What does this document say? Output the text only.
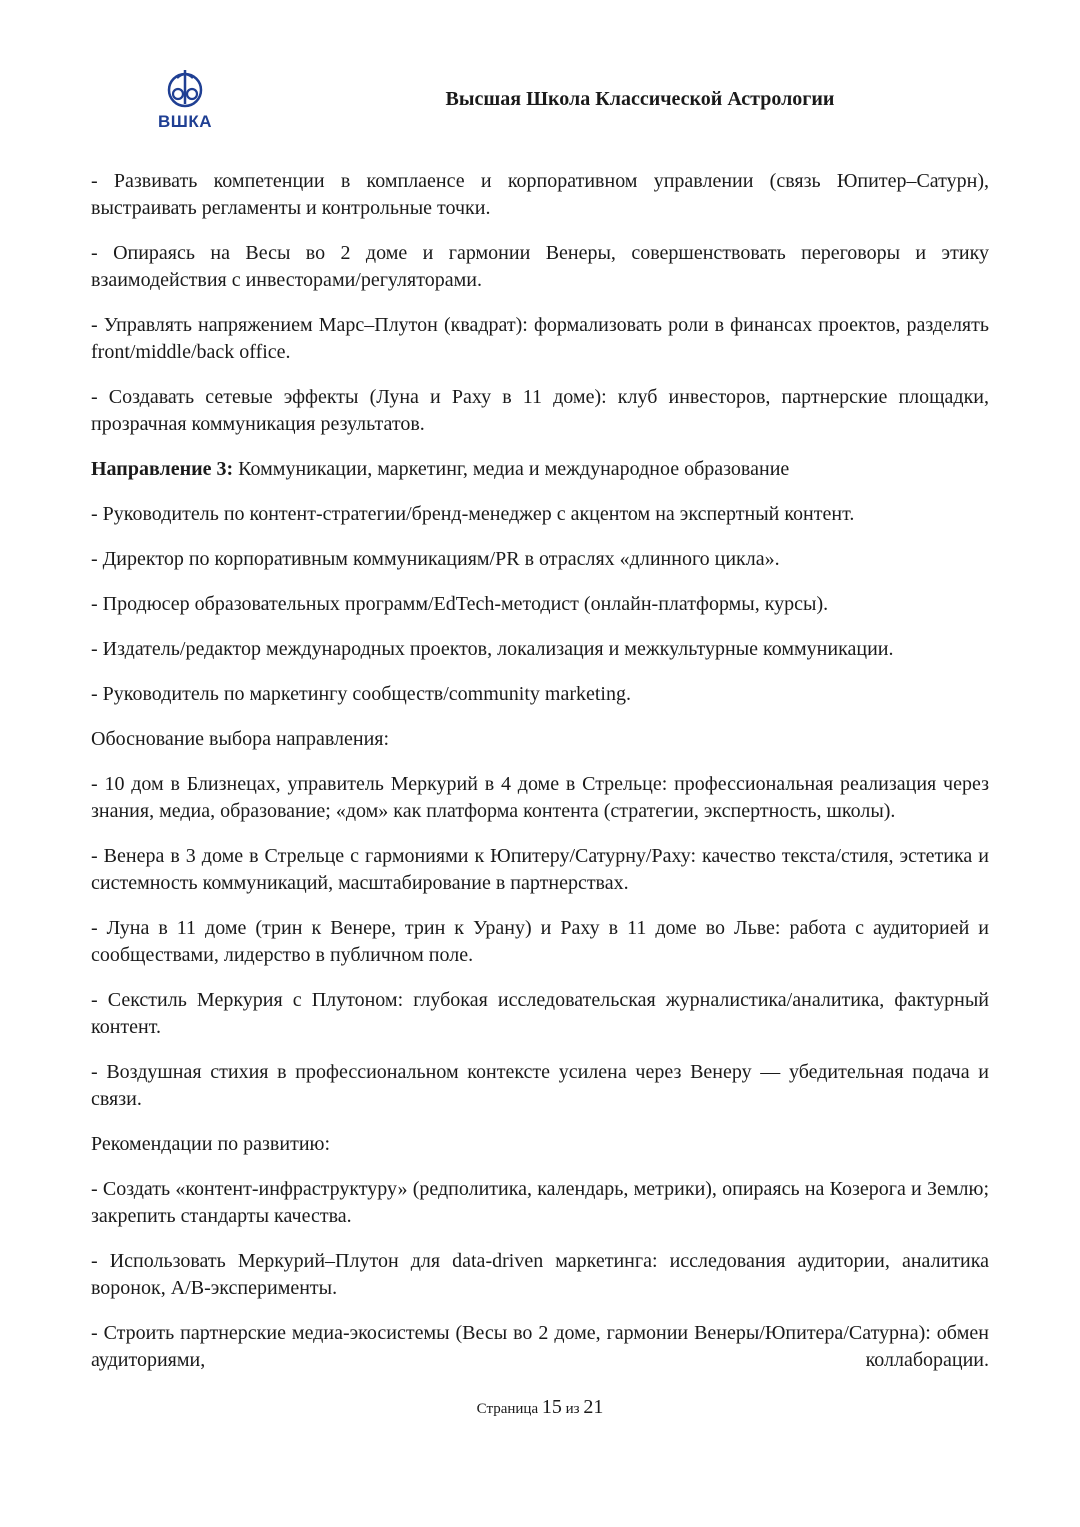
ВШКА
Высшая Школа Классической Астрологии

- Развивать компетенции в комплаенсе и корпоративном управлении (связь Юпитер–Сатурн), выстраивать регламенты и контрольные точки.

- Опираясь на Весы во 2 доме и гармонии Венеры, совершенствовать переговоры и этику взаимодействия с инвесторами/регуляторами.

- Управлять напряжением Марс–Плутон (квадрат): формализовать роли в финансах проектов, разделять front/middle/back office.

- Создавать сетевые эффекты (Луна и Раху в 11 доме): клуб инвесторов, партнерские площадки, прозрачная коммуникация результатов.

Направление 3: Коммуникации, маркетинг, медиа и международное образование

- Руководитель по контент-стратегии/бренд-менеджер с акцентом на экспертный контент.

- Директор по корпоративным коммуникациям/PR в отраслях «длинного цикла».

- Продюсер образовательных программ/EdTech-методист (онлайн-платформы, курсы).

- Издатель/редактор международных проектов, локализация и межкультурные коммуникации.

- Руководитель по маркетингу сообществ/community marketing.

Обоснование выбора направления:

- 10 дом в Близнецах, управитель Меркурий в 4 доме в Стрельце: профессиональная реализация через знания, медиа, образование; «дом» как платформа контента (стратегии, экспертность, школы).

- Венера в 3 доме в Стрельце с гармониями к Юпитеру/Сатурну/Раху: качество текста/стиля, эстетика и системность коммуникаций, масштабирование в партнерствах.

- Луна в 11 доме (трин к Венере, трин к Урану) и Раху в 11 доме во Льве: работа с аудиторией и сообществами, лидерство в публичном поле.

- Секстиль Меркурия с Плутоном: глубокая исследовательская журналистика/аналитика, фактурный контент.

- Воздушная стихия в профессиональном контексте усилена через Венеру — убедительная подача и связи.

Рекомендации по развитию:

- Создать «контент-инфраструктуру» (редполитика, календарь, метрики), опираясь на Козерога и Землю; закрепить стандарты качества.

- Использовать Меркурий–Плутон для data-driven маркетинга: исследования аудитории, аналитика воронок, A/B-эксперименты.

- Строить партнерские медиа-экосистемы (Весы во 2 доме, гармонии Венеры/Юпитера/Сатурна): обмен аудиториями, коллаборации.

Страница 15 из 21
